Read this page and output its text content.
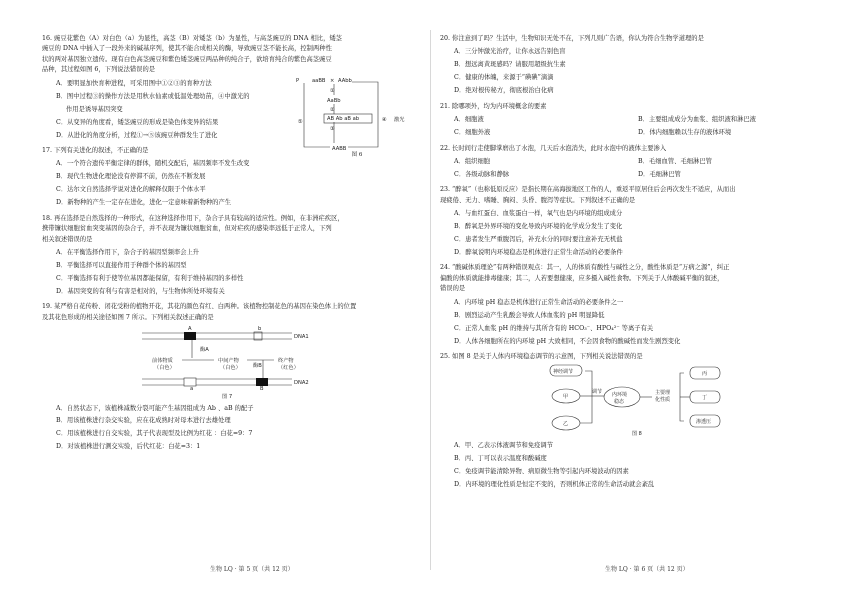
16. 豌豆花紫色（A）对白色（a）为显性，高茎（B）对矮茎（b）为显性，与高茎豌豆的 DNA 相比，矮茎
豌豆的 DNA 中插入了一段外来的碱基序列，使其不能合成相关的酶，导致豌豆茎不能长高，控制两种性
状的两对基因独立遗传。现有白色高茎豌豆和紫色矮茎豌豆两品种的纯合子，欲培育纯合的紫色高茎豌豆
品种，其过程如图 6，下列说法错误的是
A．要明显加快育种进程，可采用图中①②③的育种方法
B．图中过程③的操作方法是用秋水仙素或低温处理幼苗，④中激光的
作用是诱导基因突变
C．从变异的角度看，矮茎豌豆的形成是染色体变异的结果
D．从进化的角度分析，过程①→⑤该豌豆种群发生了进化
P aaBB × AAbb
①
AaBb
②
AB Ab aB ab
③
AABB
⑤	④ 激光
图 6
17. 下列有关进化的叙述，不正确的是
A．一个符合遗传平衡定律的群体，随机交配后，基因频率不发生改变
B．现代生物进化理论没有停滞不前，仍然在不断发展
C．达尔文自然选择学说对进化的解释仅限于个体水平
D．新物种的产生一定存在进化，进化一定意味着新物种的产生
18. 再在选择是自然选择的一种形式，在这种选择作用下，杂合子具有较高的适应性。例如，在非洲疟疾区，
携带镰状细胞贫血突变基因的杂合子，并不表现为镰状细胞贫血，但对疟疾的感染率远低于正常人，下列
相关叙述错误的是
A．在平衡选择作用下，杂合子的基因型频率会上升
B．平衡选择可以直接作用于种群个体的基因型
C．平衡选择有利于使等位基因都能保留，有利于维持基因的多样性
D．基因突变的有利与有害是相对的，与生物体所处环境有关
19. 某严格自花传粉、闭花受粉的植物开花，其花的颜色有红、白两种。该植物控制花色的基因在染色体上的位置
及其花色形成的相关途径如图 7 所示。下列相关叙述正确的是
A	b
DNA1
酶A
前体物质
（白色）
中间产物
（白色） 酶B
终产物
（红色）
a	B
DNA2
图 7
A．自然状态下，该植株减数分裂可能产生基因组成为 Ab 、aB 的配子
B．用该植株进行杂交实验，应在花成熟时对母本进行去雄处理
C．用该植株进行自交实验，其子代表现型及比例为红花 ：白花=9：7
D．对该植株进行测交实验，后代红花：白花=3：1
20. 你注意到了吗？生活中，生物知识无处不在，下列几则广告语，你认为符合生物学道理的是
A．三分钟激光治疗，让你永远告别色盲
B．想远离黄斑感吗？请服用超级抗生素
C．健康的体魄，来源于“碘碘”滴滴
D．绝对根传秘方，彻底根治白化病
21. 除哪项外，均为内环境概念的要素
A．细胞液	B．主要组成成分为血浆、组织液和淋巴液
C．细胞外液	D．体内细胞赖以生存的液体环境
22. 长时间行走使脚掌磨出了水泡，几天后水泡消失，此时水泡中的液体主要渗入
A．组织细胞	B．毛细血管、毛细淋巴管
C．各级动脉和静脉	D．毛细淋巴管
23. “醉氧”（也称低原反应）是指长期在高海拔地区工作的人，重返平原居住后会再次发生不适应，从而出
现疲倦、无力、嗜睡、胸闷、头昏、腹泻等症状。下列叙述不正确的是
A．与血红蛋白、血浆蛋白一样，氧气也是内环境的组成成分
B．醉氧是外界环境的变化导致内环境的化学成分发生了变化
C．患者发生严重腹泻后，补充水分的同时要注意补充无机盐
D．醉氧说明内环境稳态是机体进行正常生命活动的必要条件
24. “酸碱体质理论”有两种错误观点：其一，人的体质有酸性与碱性之分，酸性体质是“万病之源”，纠正
偏酸的体质就能排毒健康；其二，人若要想健康，应多摄入碱性食物。下列关于人体酸碱平衡的叙述，
错误的是
A．内环境 pH 稳态是机体进行正常生命活动的必要条件之一
B．剧烈运动产生乳酸会导致人体血浆的 pH 明显降低
C．正常人血浆 pH 的维持与其所含有的 HCO₃⁻、HPO₄²⁻ 等离子有关
D．人体各细胞所在的内环境 pH 大致相同，不会因食物的酸碱性而发生剧烈变化
25. 如图 8 是关于人体内环境稳态调节的示意图，下列相关说法错误的是
神经调节
甲
乙
调节 内环境
稳态
主要理
化性质
丙
丁
渗透压
图 8
A．甲、乙表示体液调节和免疫调节
B．丙、丁可以表示温度和酸碱度
C．免疫调节能清除异物、病原微生物等引起内环境波动的因素
D．内环境的理化性质是恒定不变的，否则机体正常的生命活动就会紊乱
生物 LQ · 第 5 页（共 12 页）	生物 LQ · 第 6 页（共 12 页）
